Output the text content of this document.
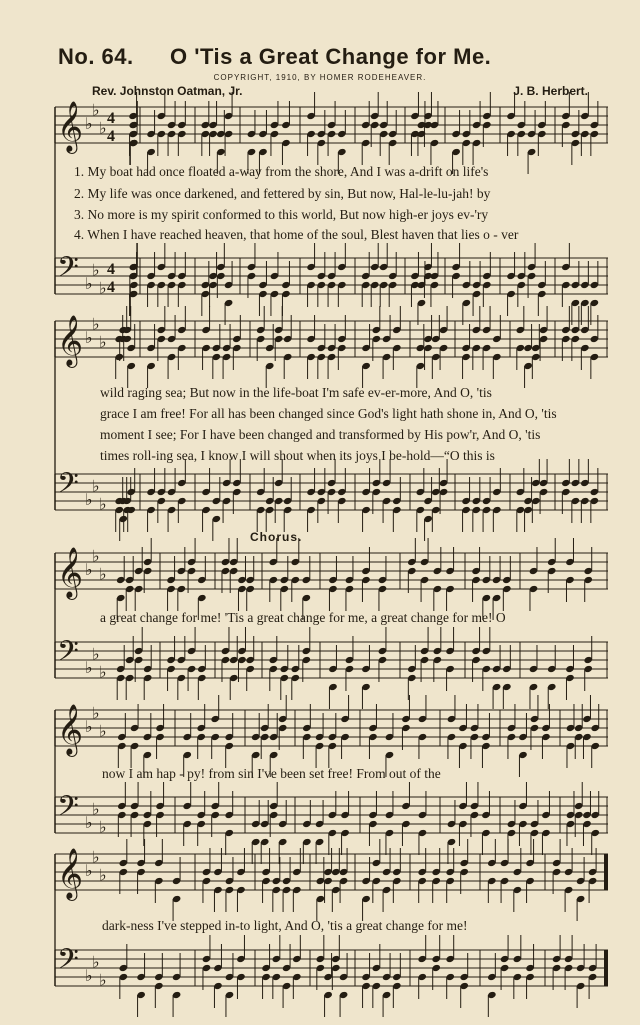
No. 64. O 'Tis a Great Change for Me.
COPYRIGHT, 1910, BY HOMER RODEHEAVER.
Rev. Johnston Oatman, Jr.	J. B. Herbert.
Chorus.
1. My boat had once floated a-way from the shore, And I was a-drift on life's
2. My life was once darkened, and fettered by sin, But now, Hal-le-lu-jah! by
3. No more is my spirit conformed to this world, But now high-er joys ev-'ry
4. When I have reached heaven, that home of the soul, Blest haven that lies o - ver
wild raging sea; But now in the life-boat I'm safe ev-er-more, And O, 'tis
grace I am free! For all has been changed since God's light hath shone in, And O, 'tis
moment I see; For I have been changed and transformed by His pow'r, And O, 'tis
times roll-ing sea, I know I will shout when its joys I be-hold—“O this is
a great change for me! 'Tis a great change for me, a great change for me! O
now I am hap - py! from sin I've been set free! From out of the
dark-ness I've stepped in-to light, And O, 'tis a great change for me!
𝄞 ♭
♭
♭
4
4
𝄢 ♭
♭
♭
4
4
𝄞 ♭
♭
♭
𝄢 ♭
♭
♭
𝄞 ♭
♭
♭
𝄢 ♭
♭
♭
𝄞 ♭
♭
♭
𝄢 ♭
♭
♭
𝄞 ♭
♭
♭
𝄢 ♭
♭
♭
